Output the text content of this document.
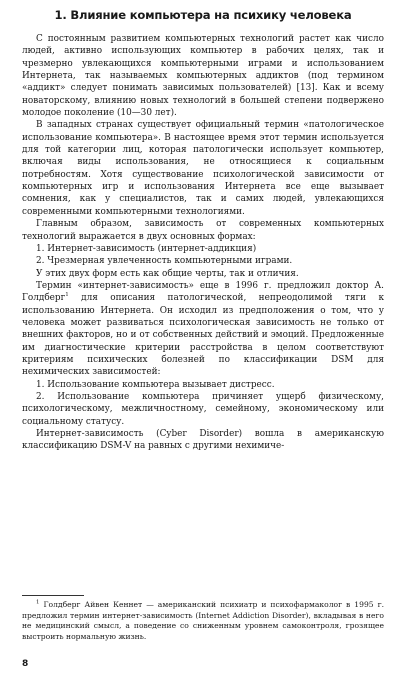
1. Влияние компьютера на психику человека

С постоянным развитием компьютерных технологий растет как число людей, активно использующих компьютер в рабочих целях, так и чрезмерно увлекающихся компьютерными играми и использованием Интернета, так называемых компьютерных аддиктов (под термином «аддикт» следует понимать зависимых пользователей) [13]. Как и всему новаторскому, влиянию новых технологий в большей степени подвержено молодое поколение (10—30 лет).

В западных странах существует официальный термин «патологическое использование компьютера». В настоящее время этот термин используется для той категории лиц, которая патологически использует компьютер, включая виды использования, не относящиеся к социальным потребностям. Хотя существование психологической зависимости от компьютерных игр и использования Интернета все еще вызывает сомнения, как у специалистов, так и самих людей, увлекающихся современными компьютерными технологиями.

Главным образом, зависимость от современных компьютерных технологий выражается в двух основных формах:

1. Интернет-зависимость (интернет-аддикция)

2. Чрезмерная увлеченность компьютерными играми.

У этих двух форм есть как общие черты, так и отличия.

Термин «интернет-зависимость» еще в 1996 г. предложил доктор А. Голдберг$^1$ для описания патологической, непреодолимой тяги к использованию Интернета. Он исходил из предположения о том, что у человека может развиваться психологическая зависимость не только от внешних факторов, но и от собственных действий и эмоций. Предложенные им диагностические критерии расстройства в целом соответствуют критериям психических болезней по классификации DSM для нехимических зависимостей:

1. Использование компьютера вызывает дистресс.

2. Использование компьютера причиняет ущерб физическому, психологическому, межличностному, семейному, экономическому или социальному статусу.

Интернет-зависимость (Cyber Disorder) вошла в американскую классификацию DSM-V на равных с другими нехимиче-

$^1$ Голдберг Айвен Кеннет — американский психиатр и психофармаколог в 1995 г. предложил термин интернет-зависимость (Internet Addiction Disorder), вкладывая в него не медицинский смысл, а поведение со сниженным уровнем самоконтроля, грозящее выстроить нормальную жизнь.

8
